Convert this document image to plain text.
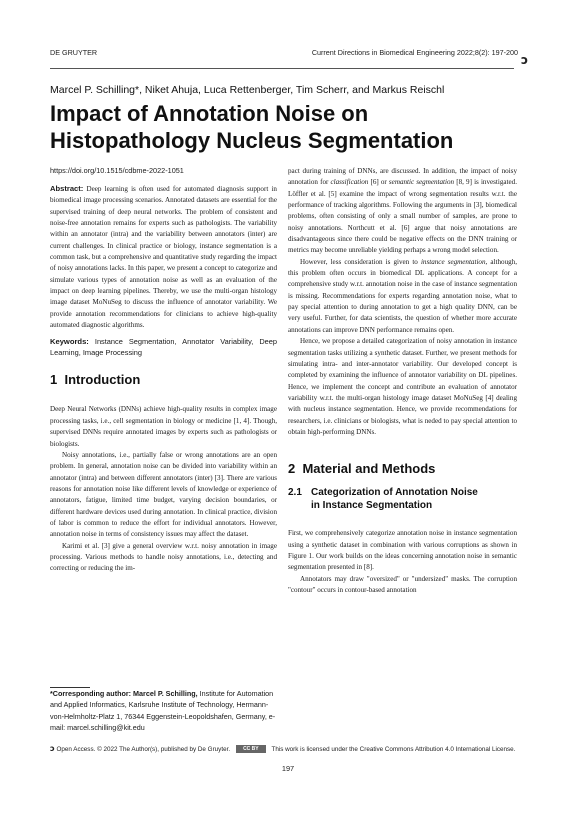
DE GRUYTER	Current Directions in Biomedical Engineering 2022;8(2): 197-200
ɔ
Marcel P. Schilling*, Niket Ahuja, Luca Rettenberger, Tim Scherr, and Markus Reischl
Impact of Annotation Noise on
Histopathology Nucleus Segmentation

https://doi.org/10.1515/cdbme-2022-1051

Abstract: Deep learning is often used for automated diagnosis support in biomedical image processing scenarios. Annotated datasets are essential for the supervised training of deep neural networks. The problem of consistent and noise-free annotation remains for experts such as pathologists. The variability within an annotator (intra) and the variability between annotators (inter) are current challenges. In clinical practice or biology, instance segmentation is a common task, but a comprehensive and quantitative study regarding the impact of noisy annotations lacks. In this paper, we present a concept to categorize and simulate various types of annotation noise as well as an evaluation of the impact on deep learning pipelines. Thereby, we use the multi-organ histology image dataset MoNuSeg to discuss the influence of annotator variability. We provide annotation recommendations for clinicians to achieve high-quality automated diagnostic algorithms.

Keywords: Instance Segmentation, Annotator Variability, Deep Learning, Image Processing

1 Introduction

Deep Neural Networks (DNNs) achieve high-quality results in complex image processing tasks, i.e., cell segmentation in biology or medicine [1, 4]. Though, supervised DNNs require annotated images by experts such as pathologists or biologists.

Noisy annotations, i.e., partially false or wrong annotations are an open problem. In general, annotation noise can be divided into variability within an annotator (intra) and between different annotators (inter) [3]. There are various reasons for annotation noise like different levels of knowledge or experience of annotators, fatigue, limited time budget, varying decision boundaries, or different hardware devices used during annotation. In clinical practice, division of labor is common to reduce the effort for individual annotators. However, annotation noise in terms of consistency issues may affect the dataset.

Karimi et al. [3] give a general overview w.r.t. noisy annotation in image processing. Various methods to handle noisy annotations, i.e., detecting and correcting or reducing the im-

pact during training of DNNs, are discussed. In addition, the impact of noisy annotation for classification [6] or semantic segmentation [8, 9] is investigated. Löffler et al. [5] examine the impact of wrong segmentation results w.r.t. the performance of tracking algorithms. Following the arguments in [3], biomedical problems, often consisting of only a small number of samples, are prone to noisy annotations. Northcutt et al. [6] argue that noisy annotations are disadvantageous since there could be negative effects on the DNN training or metrics may become unreliable yielding perhaps a wrong model selection.

However, less consideration is given to instance segmentation, although, this problem often occurs in biomedical DL applications. A concept for a comprehensive study w.r.t. annotation noise in the case of instance segmentation is missing. Recommendations for experts regarding annotation noise, what to pay special attention to during annotation to get a high quality DNN, can be very useful. Further, for data scientists, the question of whether more accurate annotations can improve DNN performance remains open.

Hence, we propose a detailed categorization of noisy annotation in instance segmentation tasks utilizing a synthetic dataset. Further, we present methods for simulating intra- and inter-annotator variability. Our developed concept is completed by examining the influence of annotator variability on DL pipelines. Hence, we implement the concept and contribute an evaluation of annotator variability w.r.t. the multi-organ histology image dataset MoNuSeg [4] dealing with nucleus instance segmentation. Hence, we provide recommendations for researchers, i.e. clinicians or biologists, what is neded to pay special attention to obtain high-performing DNNs.

2 Material and Methods
2.1 Categorization of Annotation Noise
in Instance Segmentation

First, we comprehensively categorize annotation noise in instance segmentation using a synthetic dataset in combination with various corruptions as shown in Figure 1. Our work builds on the ideas concerning annotation noise in semantic segmentation presented in [8].

Annotators may draw "oversized" or "undersized" masks. The corruption "contour" occurs in contour-based annotation

*Corresponding author: Marcel P. Schilling, Institute for Automation and Applied Informatics, Karlsruhe Institute of Technology, Hermann-von-Helmholtz-Platz 1, 76344 Eggenstein-Leopoldshafen, Germany, e-mail: marcel.schilling@kit.edu
ɔ Open Access. © 2022 The Author(s), published by De Gruyter.	CC BY This work is licensed under the Creative Commons Attribution 4.0 International License.
197
